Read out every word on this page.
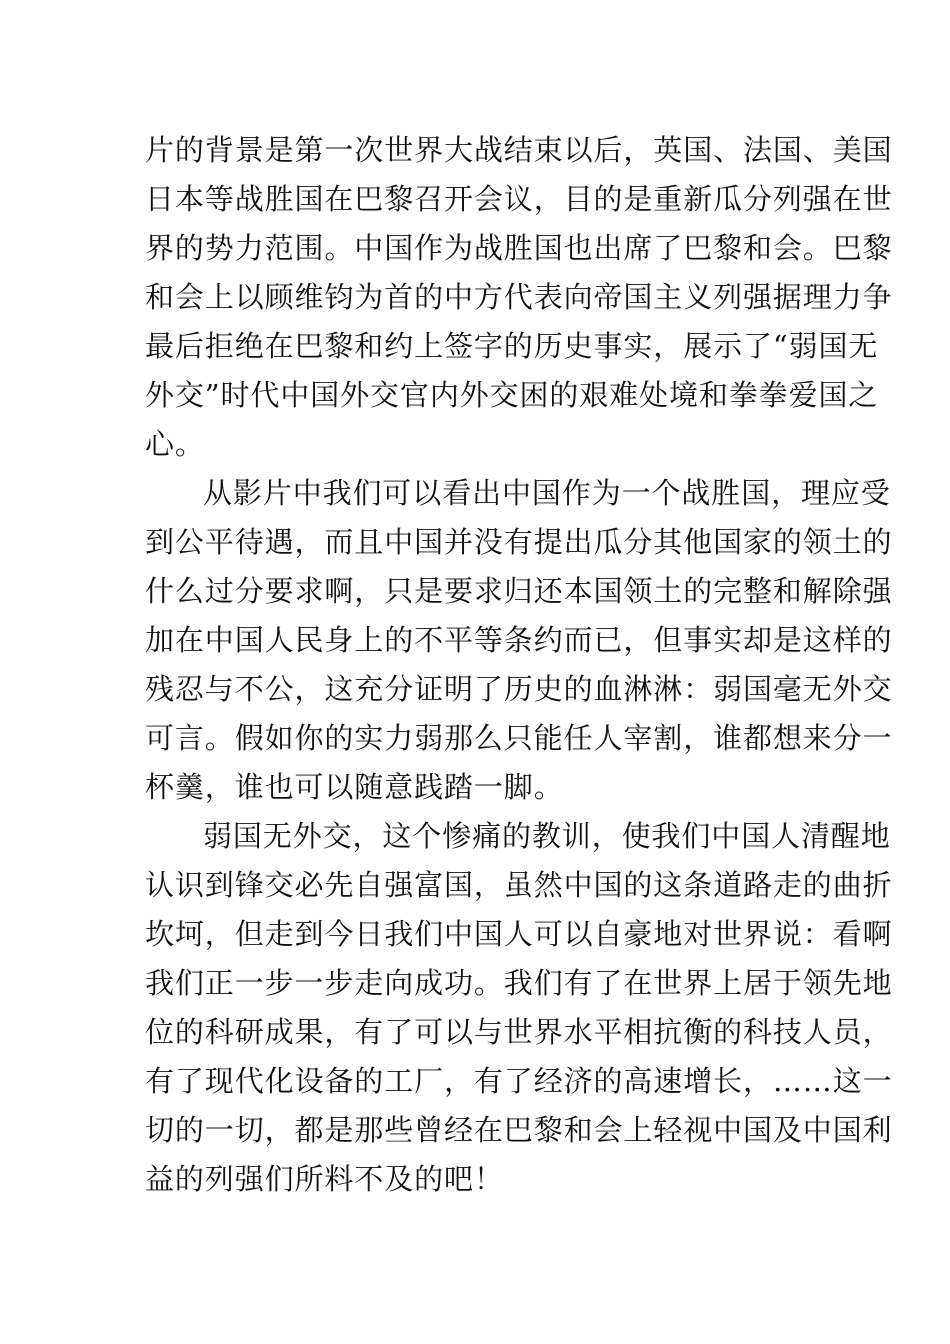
片的背景是第一次世界大战结束以后，英国、法国、美国
日本等战胜国在巴黎召开会议，目的是重新瓜分列强在世
界的势力范围。中国作为战胜国也出席了巴黎和会。巴黎
和会上以顾维钧为首的中方代表向帝国主义列强据理力争
最后拒绝在巴黎和约上签字的历史事实，展示了“弱国无
外交”时代中国外交官内外交困的艰难处境和拳拳爱国之
心。
从影片中我们可以看出中国作为一个战胜国，理应受
到公平待遇，而且中国并没有提出瓜分其他国家的领土的
什么过分要求啊，只是要求归还本国领土的完整和解除强
加在中国人民身上的不平等条约而已，但事实却是这样的
残忍与不公，这充分证明了历史的血淋淋：弱国毫无外交
可言。假如你的实力弱那么只能任人宰割，谁都想来分一
杯羹，谁也可以随意践踏一脚。
弱国无外交，这个惨痛的教训，使我们中国人清醒地
认识到锋交必先自强富国，虽然中国的这条道路走的曲折
坎坷，但走到今日我们中国人可以自豪地对世界说：看啊
我们正一步一步走向成功。我们有了在世界上居于领先地
位的科研成果，有了可以与世界水平相抗衡的科技人员，
有了现代化设备的工厂，有了经济的高速增长，……这一
切的一切，都是那些曾经在巴黎和会上轻视中国及中国利
益的列强们所料不及的吧！
